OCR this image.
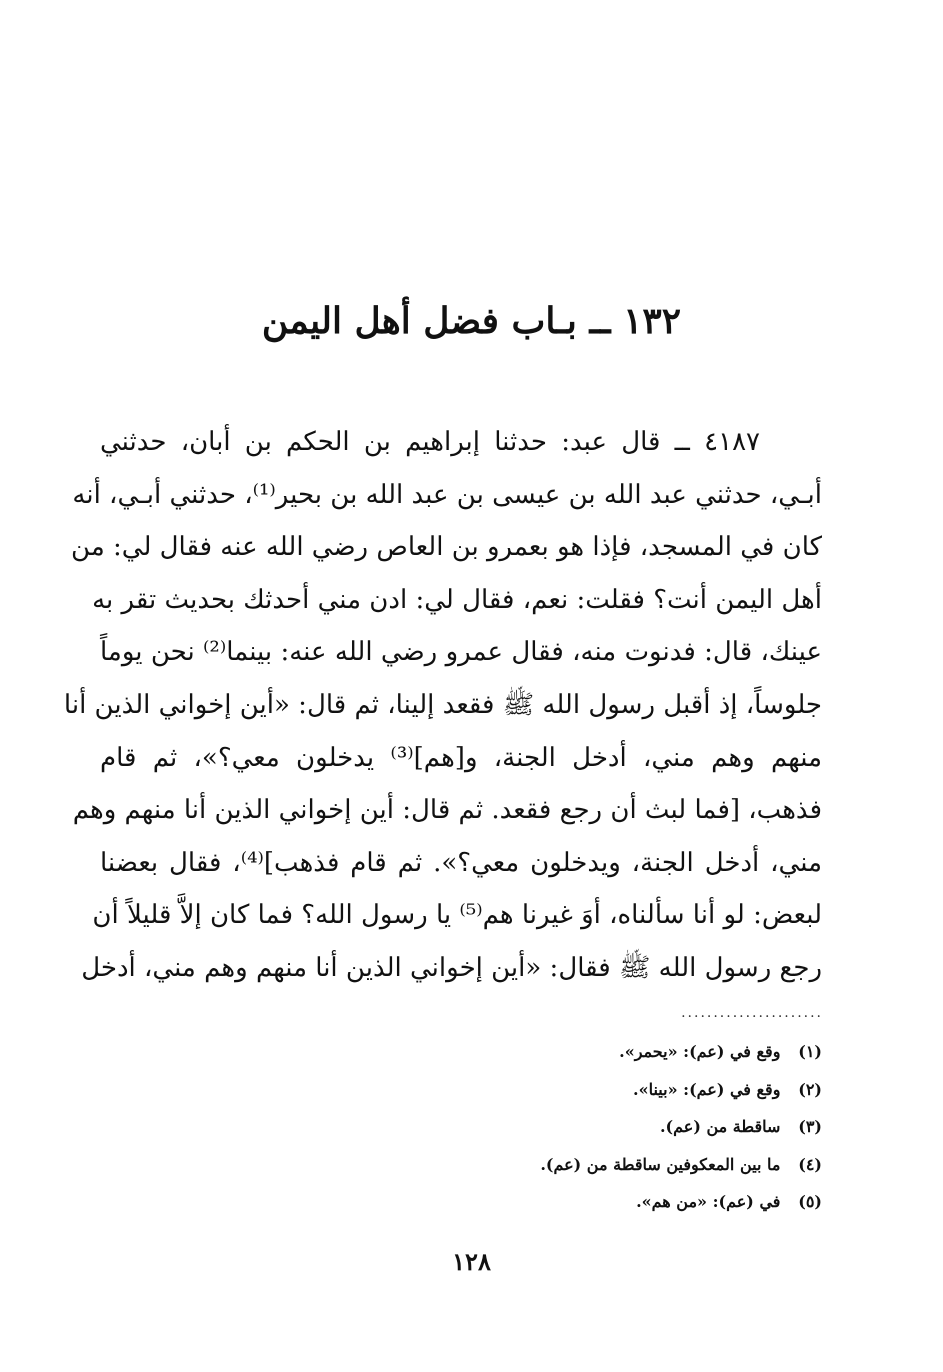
١٣٢ ــ بـاب فضل أهل اليمن
٤١٨٧ ــ قال عبد: حدثنا إبراهيم بن الحكم بن أبان، حدثني
أبـي، حدثني عبد الله بن عيسى بن عبد الله بن بحير⁽¹⁾، حدثني أبـي، أنه
كان في المسجد، فإذا هو بعمرو بن العاص رضي الله عنه فقال لي: من
أهل اليمن أنت؟ فقلت: نعم، فقال لي: ادن مني أحدثك بحديث تقر به
عينك، قال: فدنوت منه، فقال عمرو رضي الله عنه: بينما⁽²⁾ نحن يوماً
جلوساً، إذ أقبل رسول الله ﷺ فقعد إلينا، ثم قال: «أين إخواني الذين أنا
منهم وهم مني، أدخل الجنة، و[هم]⁽³⁾ يدخلون معي؟»، ثم قام
فذهب، [فما لبث أن رجع فقعد. ثم قال: أين إخواني الذين أنا منهم وهم
مني، أدخل الجنة، ويدخلون معي؟». ثم قام فذهب]⁽⁴⁾، فقال بعضنا
لبعض: لو أنا سألناه، أوَ غيرنا هم⁽⁵⁾ يا رسول الله؟ فما كان إلاَّ قليلاً أن
رجع رسول الله ﷺ فقال: «أين إخواني الذين أنا منهم وهم مني، أدخل
......................
(١) وقع في (عم): «يحمر».
(٢) وقع في (عم): «بينا».
(٣) ساقطة من (عم).
(٤) ما بين المعكوفين ساقطة من (عم).
(٥) في (عم): «من هم».
١٢٨
